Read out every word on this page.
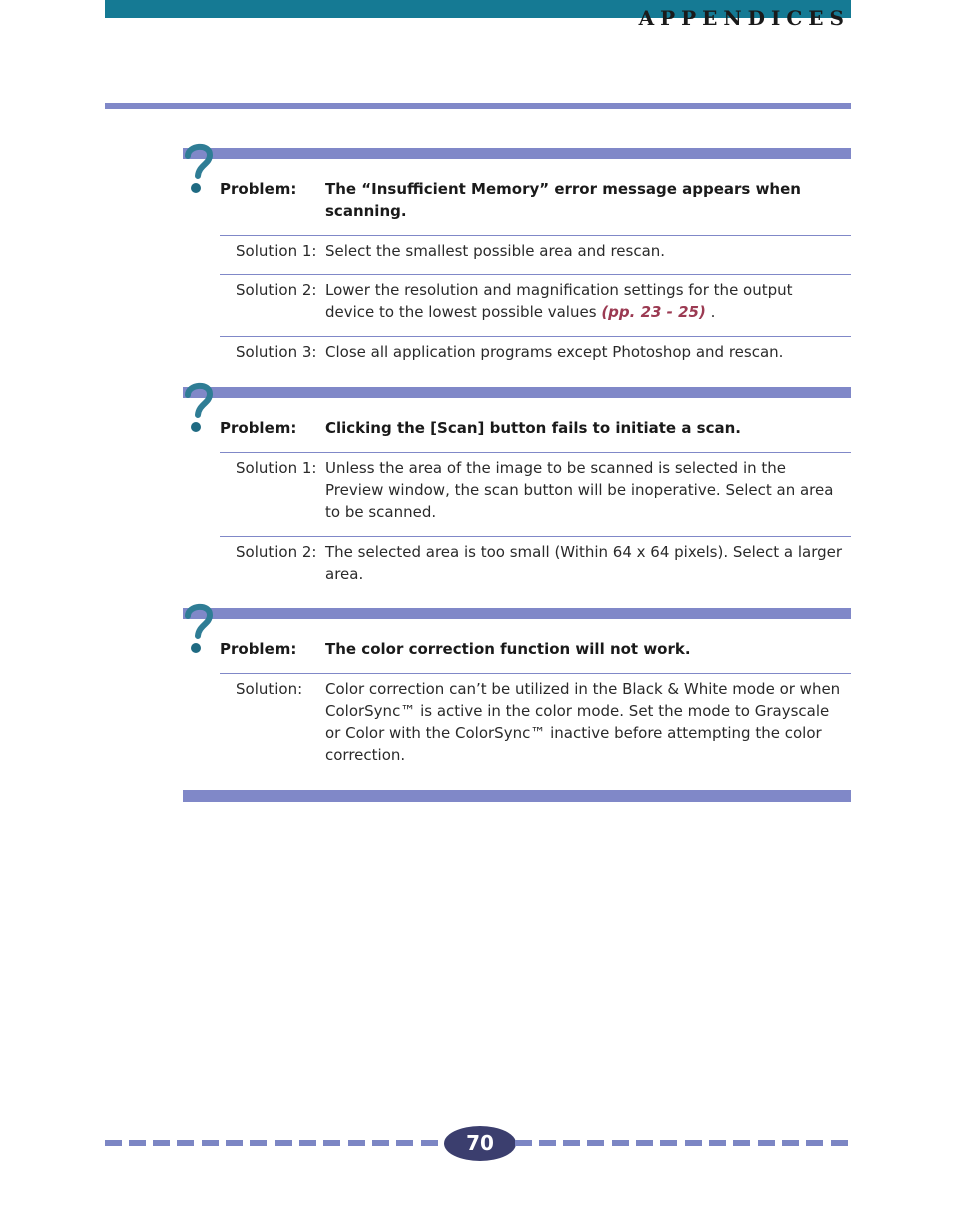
APPENDICES
Problem:	The “Insufficient Memory” error message appears when scanning.
Solution 1: Select the smallest possible area and rescan.
Solution 2: Lower the resolution and magnification settings for the output device to the lowest possible values (pp. 23 - 25) .
Solution 3: Close all application programs except Photoshop and rescan.
Problem:	Clicking the [Scan] button fails to initiate a scan.
Solution 1: Unless the area of the image to be scanned is selected in the Preview window, the scan button will be inoperative. Select an area to be scanned.
Solution 2: The selected area is too small (Within 64 x 64 pixels). Select a larger area.
Problem:	The color correction function will not work.
Solution:	Color correction can’t be utilized in the Black & White mode or when ColorSync™ is active in the color mode. Set the mode to Grayscale or Color with the ColorSync™ inactive before attempting the color correction.
70
